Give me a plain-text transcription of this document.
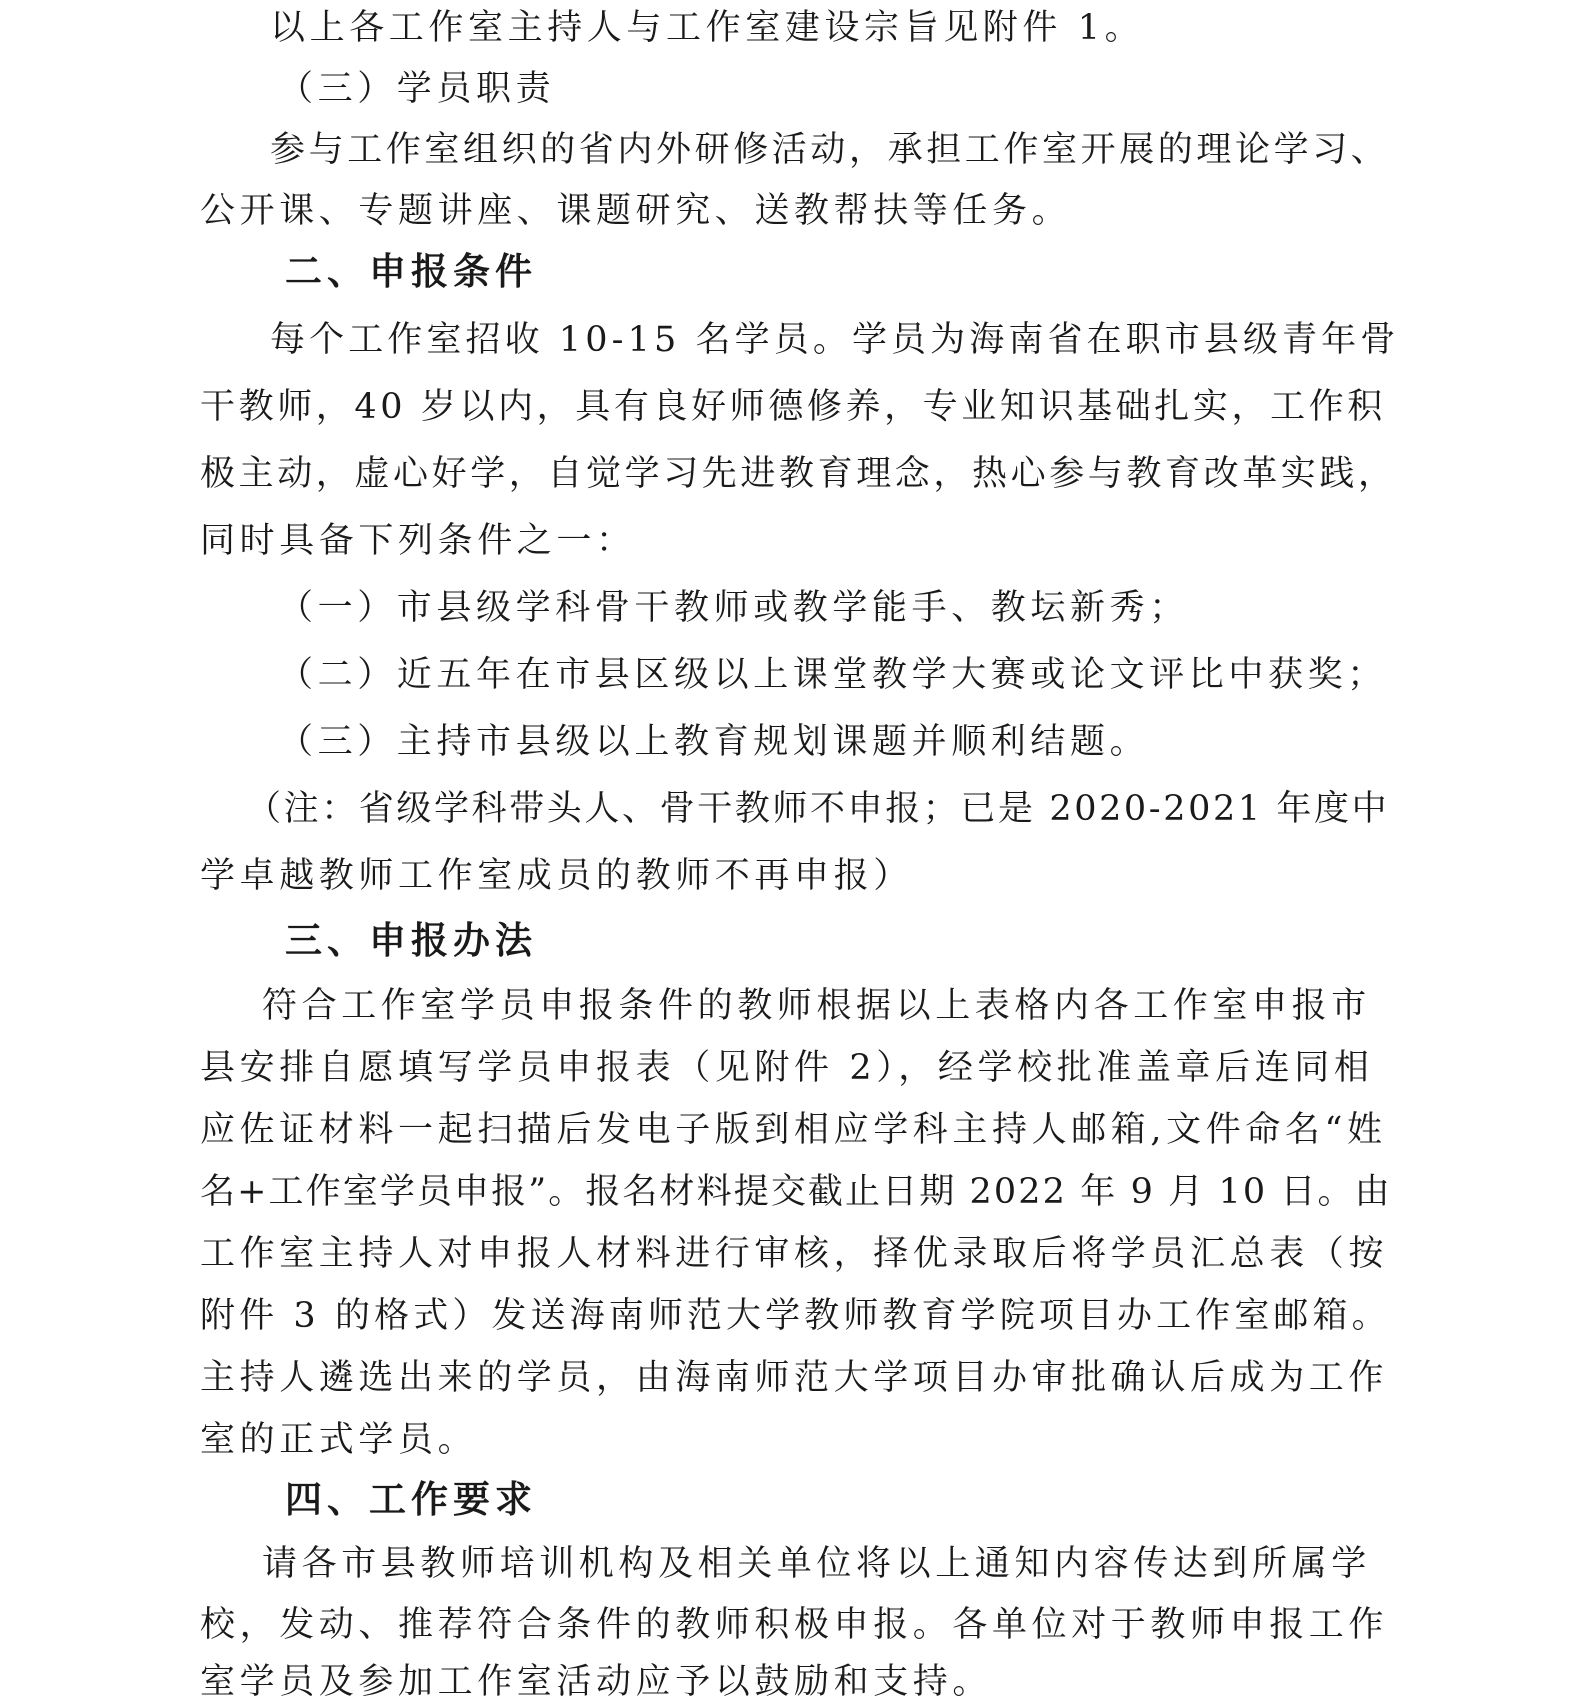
以上各工作室主持人与工作室建设宗旨见附件 1。
（三）学员职责
参与工作室组织的省内外研修活动，承担工作室开展的理论学习、
公开课、专题讲座、课题研究、送教帮扶等任务。
二、申报条件
每个工作室招收 10-15 名学员。学员为海南省在职市县级青年骨
干教师，40 岁以内，具有良好师德修养，专业知识基础扎实，工作积
极主动，虚心好学，自觉学习先进教育理念，热心参与教育改革实践，
同时具备下列条件之一：
（一）市县级学科骨干教师或教学能手、教坛新秀；
（二）近五年在市县区级以上课堂教学大赛或论文评比中获奖；
（三）主持市县级以上教育规划课题并顺利结题。
（注：省级学科带头人、骨干教师不申报；已是 2020-2021 年度中
学卓越教师工作室成员的教师不再申报）
三、申报办法
符合工作室学员申报条件的教师根据以上表格内各工作室申报市
县安排自愿填写学员申报表（见附件 2），经学校批准盖章后连同相
应佐证材料一起扫描后发电子版到相应学科主持人邮箱,文件命名“姓
名+工作室学员申报”。报名材料提交截止日期 2022 年 9 月 10 日。由
工作室主持人对申报人材料进行审核，择优录取后将学员汇总表（按
附件 3 的格式）发送海南师范大学教师教育学院项目办工作室邮箱。
主持人遴选出来的学员，由海南师范大学项目办审批确认后成为工作
室的正式学员。
四、工作要求
请各市县教师培训机构及相关单位将以上通知内容传达到所属学
校，发动、推荐符合条件的教师积极申报。各单位对于教师申报工作
室学员及参加工作室活动应予以鼓励和支持。
